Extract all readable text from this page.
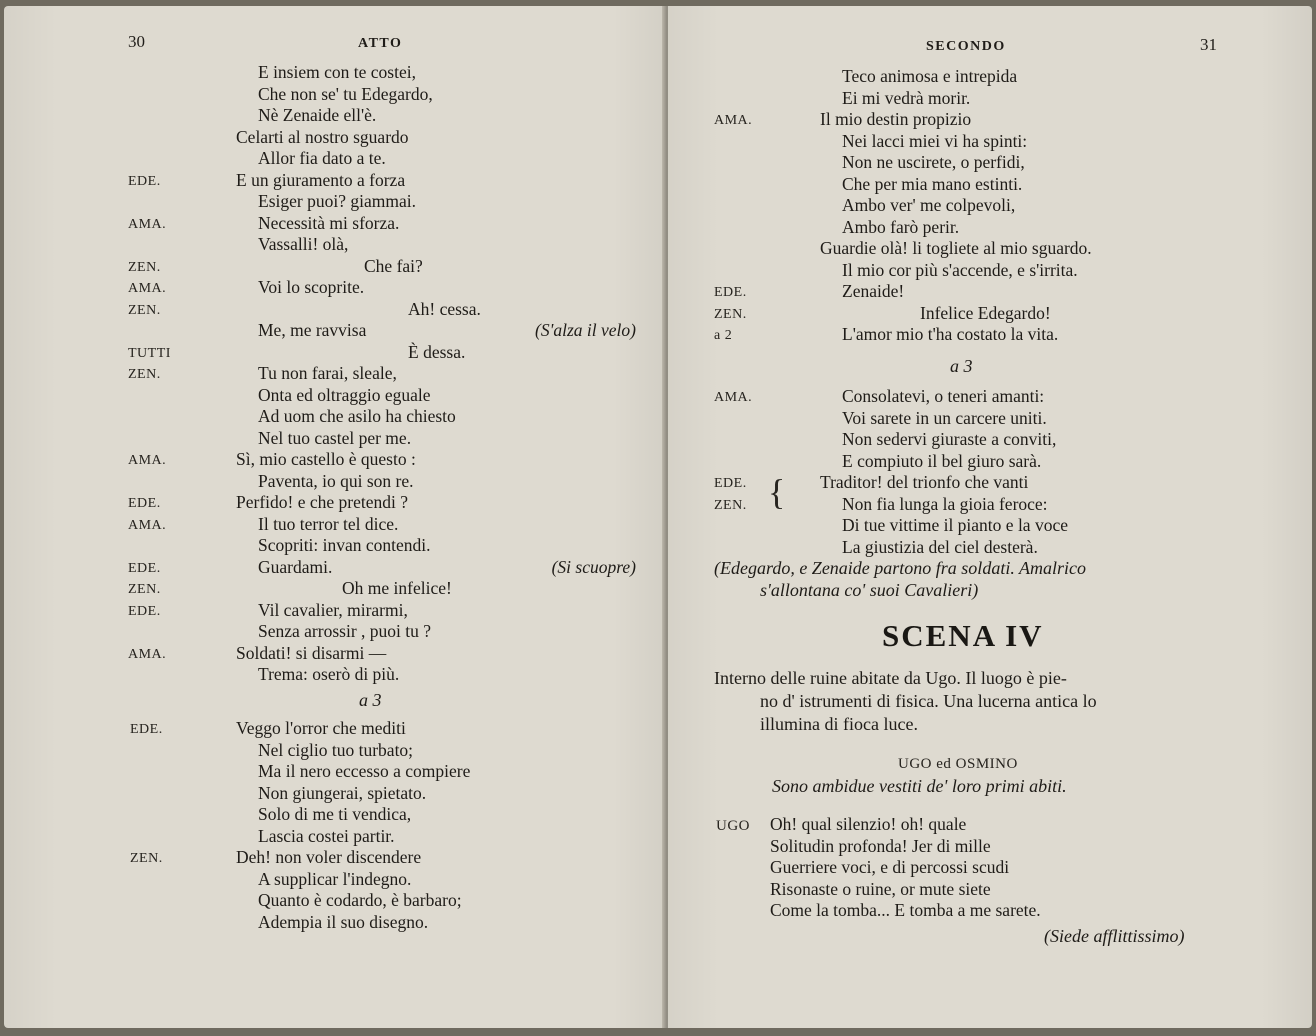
30	ATTO
E insiem con te costei,
Che non se' tu Edegardo,
Nè Zenaide ell'è.
Celarti al nostro sguardo
Allor fia dato a te.
EDE.	E un giuramento a forza
Esiger puoi? giammai.
AMA.	Necessità mi sforza.
Vassalli! olà,
ZEN.	Che fai?
AMA.	Voi lo scoprite.
ZEN.	Ah! cessa.
Me, me ravvisa	(S'alza il velo)
TUTTI	È dessa.
ZEN.	Tu non farai, sleale,
Onta ed oltraggio eguale
Ad uom che asilo ha chiesto
Nel tuo castel per me.
AMA.	Sì, mio castello è questo :
Paventa, io qui son re.
EDE.	Perfido! e che pretendi ?
AMA.	Il tuo terror tel dice.
Scopriti: invan contendi.
EDE.	Guardami.	(Si scuopre)
ZEN.	Oh me infelice!
EDE.	Vil cavalier, mirarmi,
Senza arrossir , puoi tu ?
AMA.	Soldati! si disarmi —
Trema: oserò di più.
a 3
EDE.	Veggo l'orror che mediti
Nel ciglio tuo turbato;
Ma il nero eccesso a compiere
Non giungerai, spietato.
Solo di me ti vendica,
Lascia costei partir.
ZEN.	Deh! non voler discendere
A supplicar l'indegno.
Quanto è codardo, è barbaro;
Adempia il suo disegno.
SECONDO	31
Teco animosa e intrepida
Ei mi vedrà morir.
AMA.	Il mio destin propizio
Nei lacci miei vi ha spinti:
Non ne uscirete, o perfidi,
Che per mia mano estinti.
Ambo ver' me colpevoli,
Ambo farò perir.
Guardie olà! li togliete al mio sguardo.
Il mio cor più s'accende, e s'irrita.
EDE.	Zenaide!
ZEN.	Infelice Edegardo!
a 2	L'amor mio t'ha costato la vita.
a 3
AMA.	Consolatevi, o teneri amanti:
Voi sarete in un carcere uniti.
Non sedervi giuraste a conviti,
E compiuto il bel giuro sarà.
EDE.	Traditor! del trionfo che vanti
ZEN.	Non fia lunga la gioia feroce:
Di tue vittime il pianto e la voce
La giustizia del ciel desterà.
{
(Edegardo, e Zenaide partono fra soldati. Amalrico
s'allontana co' suoi Cavalieri)
SCENA IV
Interno delle ruine abitate da Ugo. Il luogo è pie-
no d' istrumenti di fisica. Una lucerna antica lo
illumina di fioca luce.
UGO ed OSMINO
Sono ambidue vestiti de' loro primi abiti.
UGO Oh! qual silenzio! oh! quale
Solitudin profonda! Jer di mille
Guerriere voci, e di percossi scudi
Risonaste o ruine, or mute siete
Come la tomba... E tomba a me sarete.
(Siede afflittissimo)
